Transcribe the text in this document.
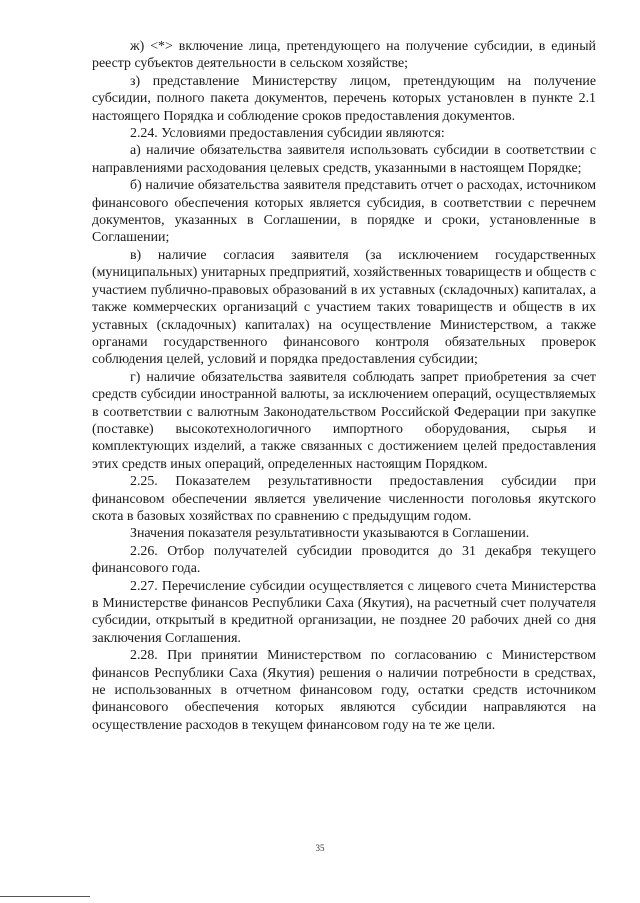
ж) <*> включение лица, претендующего на получение субсидии, в единый реестр субъектов деятельности в сельском хозяйстве;

з) представление Министерству лицом, претендующим на получение субсидии, полного пакета документов, перечень которых установлен в пункте 2.1 настоящего Порядка и соблюдение сроков предоставления документов.

2.24. Условиями предоставления субсидии являются:

а) наличие обязательства заявителя использовать субсидии в соответствии с направлениями расходования целевых средств, указанными в настоящем Порядке;

б) наличие обязательства заявителя представить отчет о расходах, источником финансового обеспечения которых является субсидия, в соответствии с перечнем документов, указанных в Соглашении, в порядке и сроки, установленные в Соглашении;

в) наличие согласия заявителя (за исключением государственных (муниципальных) унитарных предприятий, хозяйственных товариществ и обществ с участием публично-правовых образований в их уставных (складочных) капиталах, а также коммерческих организаций с участием таких товариществ и обществ в их уставных (складочных) капиталах) на осуществление Министерством, а также органами государственного финансового контроля обязательных проверок соблюдения целей, условий и порядка предоставления субсидии;

г) наличие обязательства заявителя соблюдать запрет приобретения за счет средств субсидии иностранной валюты, за исключением операций, осуществляемых в соответствии с валютным Законодательством Российской Федерации при закупке (поставке) высокотехнологичного импортного оборудования, сырья и комплектующих изделий, а также связанных с достижением целей предоставления этих средств иных операций, определенных настоящим Порядком.

2.25. Показателем результативности предоставления субсидии при финансовом обеспечении является увеличение численности поголовья якутского скота в базовых хозяйствах по сравнению с предыдущим годом.

Значения показателя результативности указываются в Соглашении.

2.26. Отбор получателей субсидии проводится до 31 декабря текущего финансового года.

2.27. Перечисление субсидии осуществляется с лицевого счета Министерства в Министерстве финансов Республики Саха (Якутия), на расчетный счет получателя субсидии, открытый в кредитной организации, не позднее 20 рабочих дней со дня заключения Соглашения.

2.28. При принятии Министерством по согласованию с Министерством финансов Республики Саха (Якутия) решения о наличии потребности в средствах, не использованных в отчетном финансовом году, остатки средств источником финансового обеспечения которых являются субсидии направляются на осуществление расходов в текущем финансовом году на те же цели.

35
